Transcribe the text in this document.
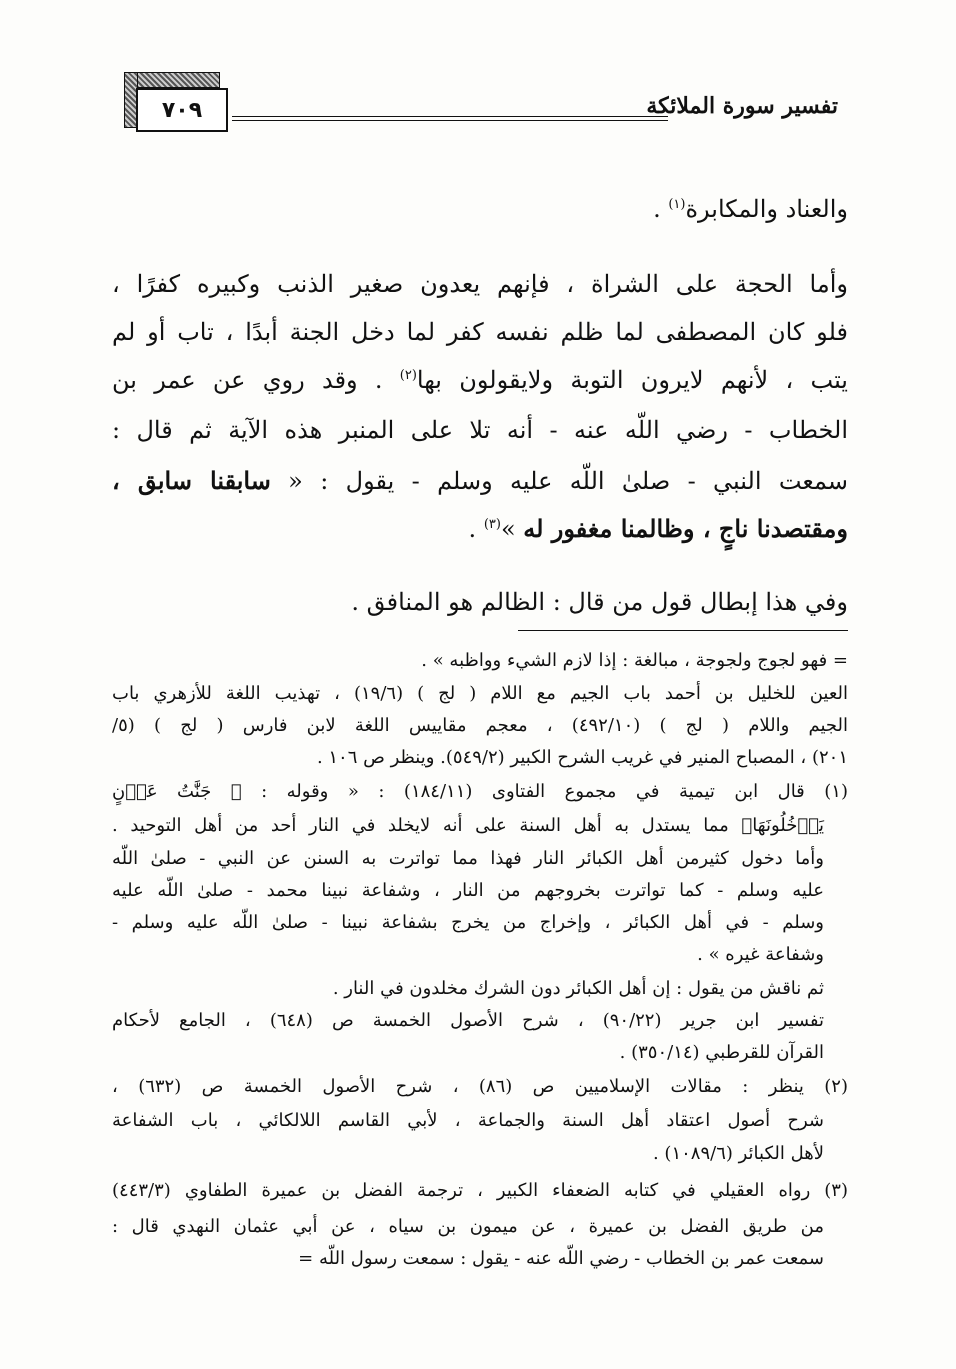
٧٠٩	تفسير سورة الملائكة
والعناد والمكابرة$^{(١)}$ .
وأما الحجة على الشراة ، فإنهم يعدون صغير الذنب وكبيره كفرًا ،
فلو كان المصطفى لما ظلم نفسه كفر لما دخل الجنة أبدًا ، تاب أو لم
يتب ، لأنهم لايرون التوبة ولايقولون بها$^{(٢)}$ . وقد روي عن عمر بن
الخطاب - رضي اللّه عنه - أنه تلا على المنبر هذه الآية ثم قال :
سمعت النبي - صلىٰ اللّه عليه وسلم - يقول : « سابقنا سابق ،
ومقتصدنا ناجٍ ، وظالمنا مغفور له »$^{(٣)}$ .
وفي هذا إبطال قول من قال : الظالم هو المنافق .
= فهو لجوج ولجوجة ، مبالغة : إذا لازم الشيء وواظبه » .
العين للخليل بن أحمد باب الجيم مع اللام ( لج ) (١٩/٦) ، تهذيب اللغة للأزهري باب
الجيم واللام ( لج ) (٤٩٢/١٠) ، معجم مقاييس اللغة لابن فارس ( لج ) (٥/
٢٠١) ، المصباح المنير في غريب الشرح الكبير (٥٤٩/٢). وينظر ص ١٠٦ .
(١) قال ابن تيمية في مجموع الفتاوى (١٨٤/١١) : « وقوله : ﴿ جَنَّٰتُ عَدۡنٍ
يَدۡخُلُونَهَا﴾ مما يستدل به أهل السنة على أنه لايخلد في النار أحد من أهل التوحيد .
وأما دخول كثيرمن أهل الكبائر النار فهذا مما تواترت به السنن عن النبي - صلىٰ اللّه
عليه وسلم - كما تواترت بخروجهم من النار ، وشفاعة نبينا محمد - صلىٰ اللّه عليه
وسلم - في أهل الكبائر ، وإخراج من يخرج بشفاعة نبينا - صلىٰ اللّه عليه وسلم -
وشفاعة غيره » .
ثم ناقش من يقول : إن أهل الكبائر دون الشرك مخلدون في النار .
تفسير ابن جرير (٩٠/٢٢) ، شرح الأصول الخمسة ص (٦٤٨) ، الجامع لأحكام
القرآن للقرطبي (٣٥٠/١٤) .
(٢) ينظر : مقالات الإسلاميين ص (٨٦) ، شرح الأصول الخمسة ص (٦٣٢) ،
شرح أصول اعتقاد أهل السنة والجماعة ، لأبي القاسم اللالكائي ، باب الشفاعة
لأهل الكبائر (١٠٨٩/٦) .
(٣) رواه العقيلي في كتابه الضعفاء الكبير ، ترجمة الفضل بن عميرة الطفاوي (٤٤٣/٣)
من طريق الفضل بن عميرة ، عن ميمون بن سياه ، عن أبي عثمان النهدي قال :
سمعت عمر بن الخطاب - رضي اللّه عنه - يقول : سمعت رسول اللّه =
